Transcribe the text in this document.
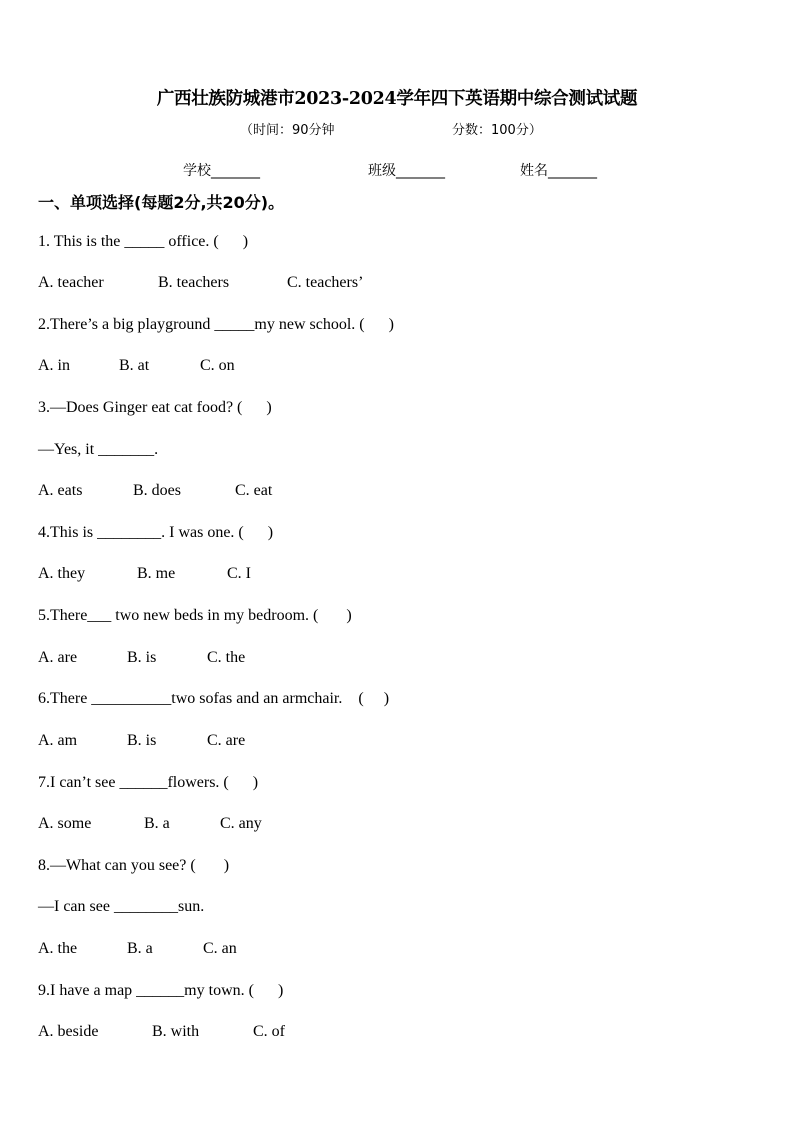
广西壮族防城港市2023-2024学年四下英语期中综合测试试题
（时间：90分钟	分数：100分）
学校_______	班级_______	姓名_______
一、单项选择(每题2分,共20分)。
1. This is the _____ office. (      )
A. teacher	B. teachers	C. teachers’
2.There’s a big playground _____my new school. (      )
A. in	B. at	C. on
3.—Does Ginger eat cat food? (      )
—Yes, it _______.
A. eats	B. does	C. eat
4.This is ________. I was one. (      )
A. they	B. me	C. I
5.There___ two new beds in my bedroom. (       )
A. are	B. is	C. the
6.There __________two sofas and an armchair.    (     )
A. am	B. is	C. are
7.I can’t see ______flowers. (      )
A. some	B. a	C. any
8.—What can you see? (       )
—I can see ________sun.
A. the	B. a	C. an
9.I have a map ______my town. (      )
A. beside	B. with	C. of
